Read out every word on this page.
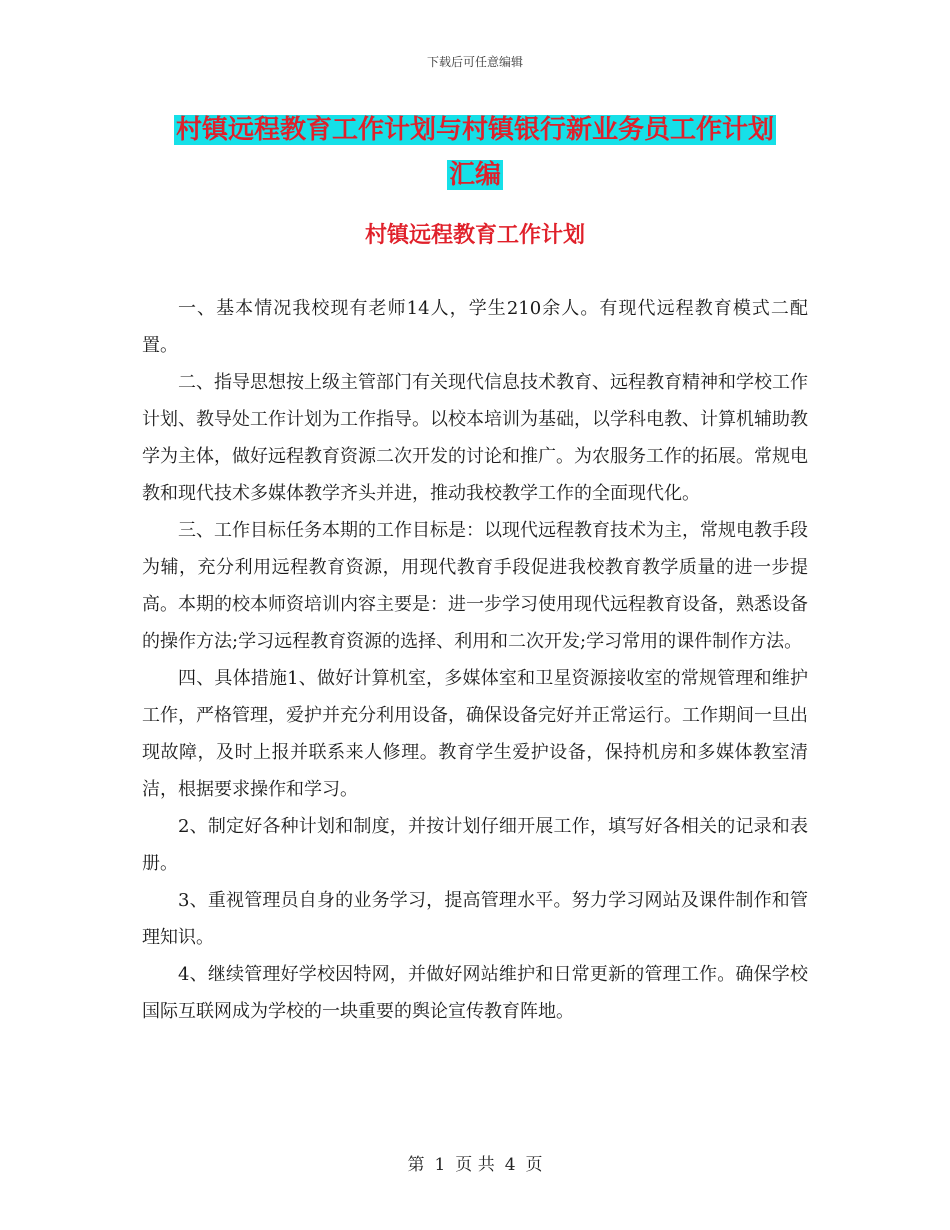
下载后可任意编辑
村镇远程教育工作计划与村镇银行新业务员工作计划
汇编
村镇远程教育工作计划

一、基本情况我校现有老师14人，学生210余人。有现代远程教育模式二配置。

二、指导思想按上级主管部门有关现代信息技术教育、远程教育精神和学校工作计划、教导处工作计划为工作指导。以校本培训为基础，以学科电教、计算机辅助教学为主体，做好远程教育资源二次开发的讨论和推广。为农服务工作的拓展。常规电教和现代技术多媒体教学齐头并进，推动我校教学工作的全面现代化。

三、工作目标任务本期的工作目标是：以现代远程教育技术为主，常规电教手段为辅，充分利用远程教育资源，用现代教育手段促进我校教育教学质量的进一步提高。本期的校本师资培训内容主要是：进一步学习使用现代远程教育设备，熟悉设备的操作方法;学习远程教育资源的选择、利用和二次开发;学习常用的课件制作方法。

四、具体措施1、做好计算机室，多媒体室和卫星资源接收室的常规管理和维护工作，严格管理，爱护并充分利用设备，确保设备完好并正常运行。工作期间一旦出现故障，及时上报并联系来人修理。教育学生爱护设备，保持机房和多媒体教室清洁，根据要求操作和学习。

2、制定好各种计划和制度，并按计划仔细开展工作，填写好各相关的记录和表册。

3、重视管理员自身的业务学习，提高管理水平。努力学习网站及课件制作和管理知识。

4、继续管理好学校因特网，并做好网站维护和日常更新的管理工作。确保学校国际互联网成为学校的一块重要的舆论宣传教育阵地。

第 1 页 共 4 页
